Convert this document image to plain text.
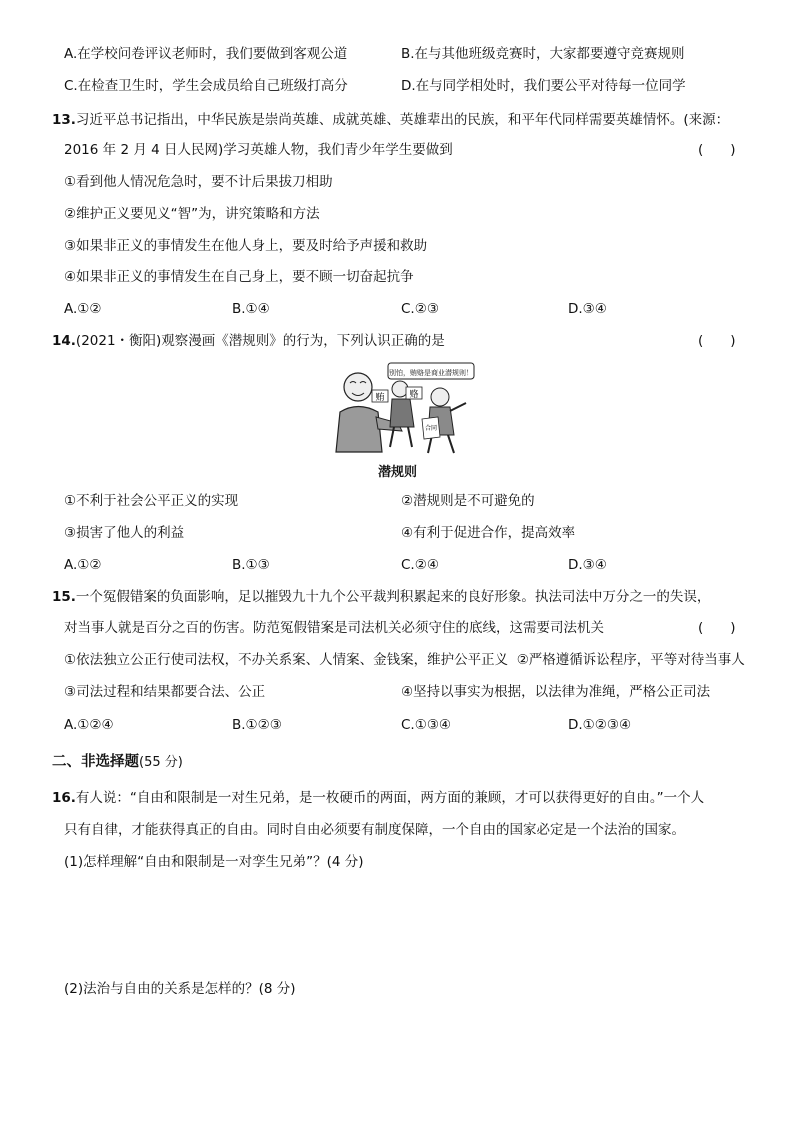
A.在学校问卷评议老师时，我们要做到客观公道	B.在与其他班级竞赛时，大家都要遵守竞赛规则
C.在检查卫生时，学生会成员给自己班级打高分	D.在与同学相处时，我们要公平对待每一位同学
13.习近平总书记指出，中华民族是崇尚英雄、成就英雄、英雄辈出的民族，和平年代同样需要英雄情怀。(来源：
2016 年 2 月 4 日人民网)学习英雄人物，我们青少年学生要做到	(　　)
①看到他人情况危急时，要不计后果拔刀相助
②维护正义要见义“智”为，讲究策略和方法
③如果非正义的事情发生在他人身上，要及时给予声援和救助
④如果非正义的事情发生在自己身上，要不顾一切奋起抗争
A.①②	B.①④	C.②③	D.③④
14.(2021・衡阳)观察漫画《潜规则》的行为，下列认识正确的是	(　　)
别怕，贿赂是商业潜规则！
贿	赂
合同
潜规则
①不利于社会公平正义的实现	②潜规则是不可避免的
③损害了他人的利益	④有利于促进合作，提高效率
A.①②	B.①③	C.②④	D.③④
15.一个冤假错案的负面影响，足以摧毁九十九个公平裁判积累起来的良好形象。执法司法中万分之一的失误，
对当事人就是百分之百的伤害。防范冤假错案是司法机关必须守住的底线，这需要司法机关	(　　)
①依法独立公正行使司法权，不办关系案、人情案、金钱案，维护公平正义 ②严格遵循诉讼程序，平等对待当事人
③司法过程和结果都要合法、公正	④坚持以事实为根据，以法律为准绳，严格公正司法
A.①②④	B.①②③	C.①③④	D.①②③④
二、非选择题(55 分)
16.有人说：“自由和限制是一对生兄弟，是一枚硬币的两面，两方面的兼顾，才可以获得更好的自由。”一个人
只有自律，才能获得真正的自由。同时自由必须要有制度保障，一个自由的国家必定是一个法治的国家。
(1)怎样理解“自由和限制是一对孪生兄弟”？(4 分)
(2)法治与自由的关系是怎样的？(8 分)
